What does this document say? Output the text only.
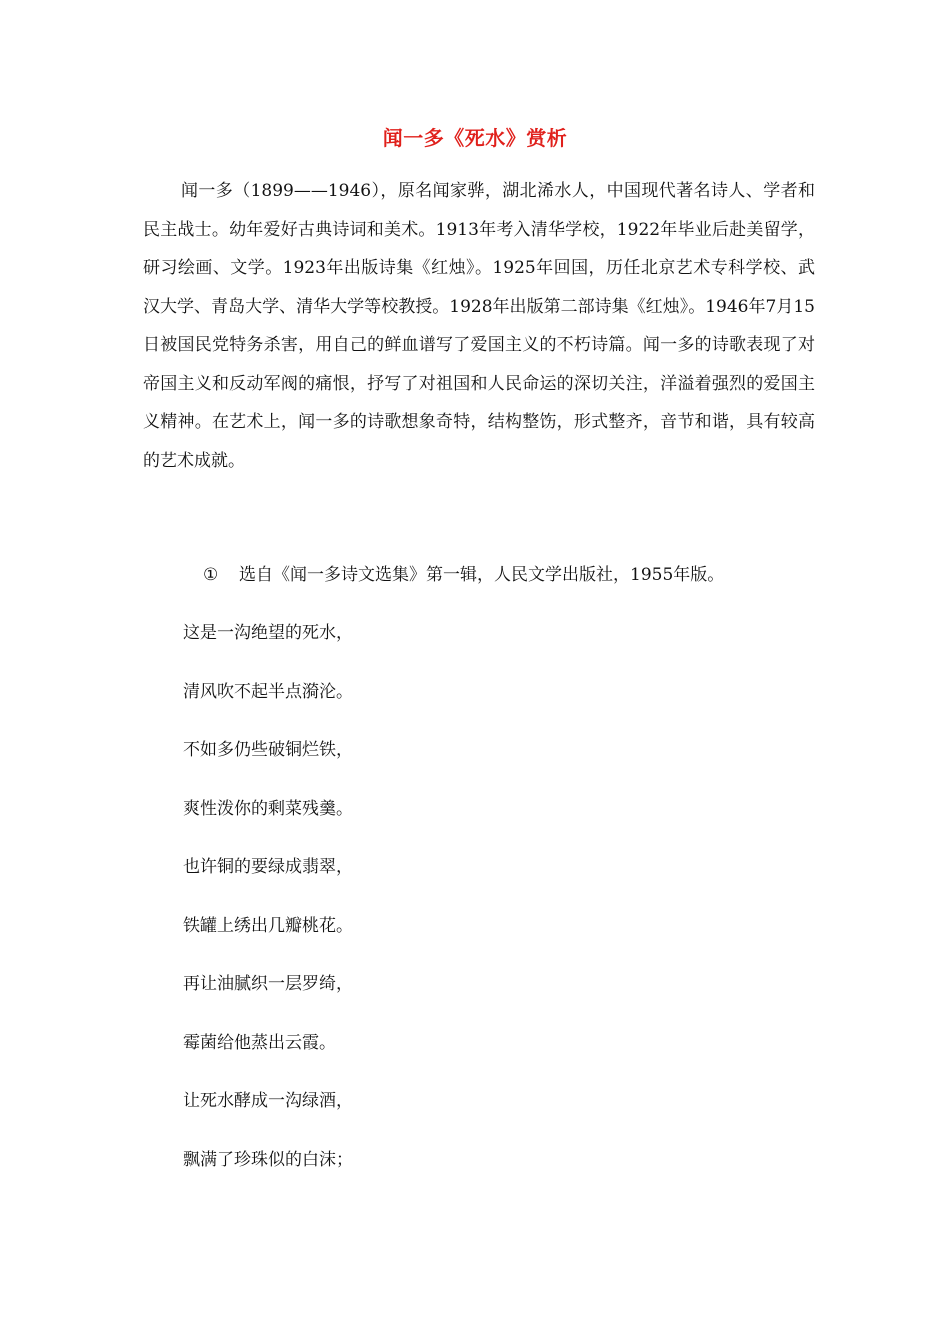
闻一多《死水》赏析

闻一多（1899——1946），原名闻家骅，湖北浠水人，中国现代著名诗人、学者和民主战士。幼年爱好古典诗词和美术。1913年考入清华学校，1922年毕业后赴美留学，研习绘画、文学。1923年出版诗集《红烛》。1925年回国，历任北京艺术专科学校、武汉大学、青岛大学、清华大学等校教授。1928年出版第二部诗集《红烛》。1946年7月15日被国民党特务杀害，用自己的鲜血谱写了爱国主义的不朽诗篇。闻一多的诗歌表现了对帝国主义和反动军阀的痛恨，抒写了对祖国和人民命运的深切关注，洋溢着强烈的爱国主义精神。在艺术上，闻一多的诗歌想象奇特，结构整饬，形式整齐，音节和谐，具有较高的艺术成就。

① 选自《闻一多诗文选集》第一辑，人民文学出版社，1955年版。

这是一沟绝望的死水，
清风吹不起半点漪沦。
不如多仍些破铜烂铁，
爽性泼你的剩菜残羹。
也许铜的要绿成翡翠，
铁罐上绣出几瓣桃花。
再让油腻织一层罗绮，
霉菌给他蒸出云霞。
让死水酵成一沟绿酒，
飘满了珍珠似的白沫；
